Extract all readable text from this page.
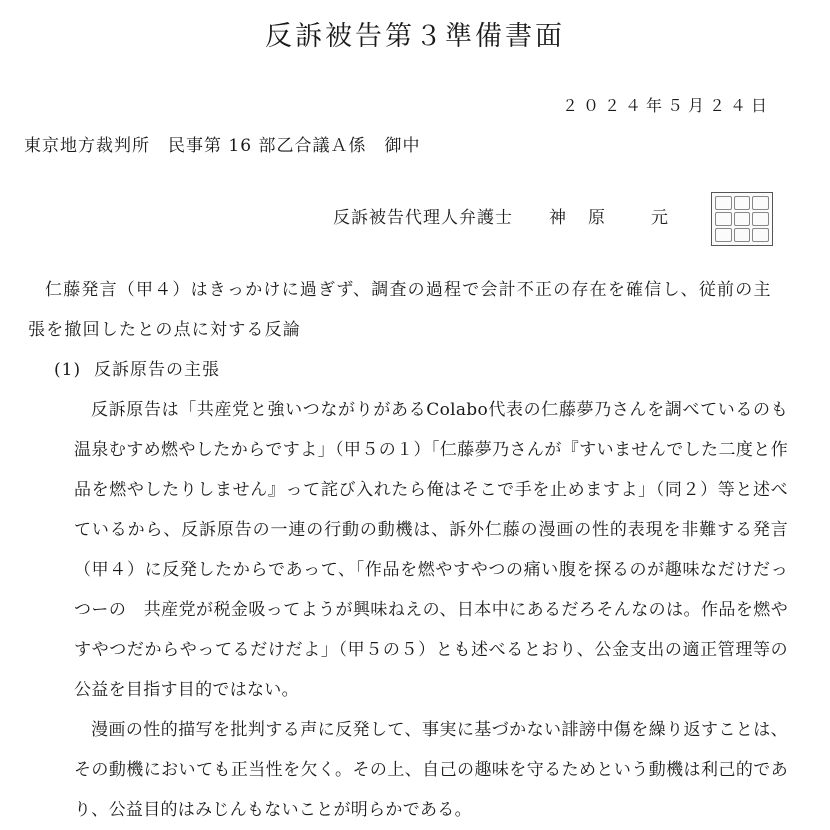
反訴被告第３準備書面
２０２４年５月２４日
東京地方裁判所　民事第 16 部乙合議Ａ係　御中
反訴被告代理人弁護士 神原 元

仁藤発言（甲４）はきっかけに過ぎず、調査の過程で会計不正の存在を確信し、従前の主張を撤回したとの点に対する反論

(1) 反訴原告の主張

反訴原告は「共産党と強いつながりがあるColabo代表の仁藤夢乃さんを調べているのも温泉むすめ燃やしたからですよ」（甲５の１）「仁藤夢乃さんが『すいませんでした二度と作品を燃やしたりしません』って詫び入れたら俺はそこで手を止めますよ」（同２）等と述べているから、反訴原告の一連の行動の動機は、訴外仁藤の漫画の性的表現を非難する発言（甲４）に反発したからであって、「作品を燃やすやつの痛い腹を探るのが趣味なだけだっつーの　共産党が税金吸ってようが興味ねえの、日本中にあるだろそんなのは。作品を燃やすやつだからやってるだけだよ」（甲５の５）とも述べるとおり、公金支出の適正管理等の公益を目指す目的ではない。

漫画の性的描写を批判する声に反発して、事実に基づかない誹謗中傷を繰り返すことは、その動機においても正当性を欠く。その上、自己の趣味を守るためという動機は利己的であり、公益目的はみじんもないことが明らかである。
